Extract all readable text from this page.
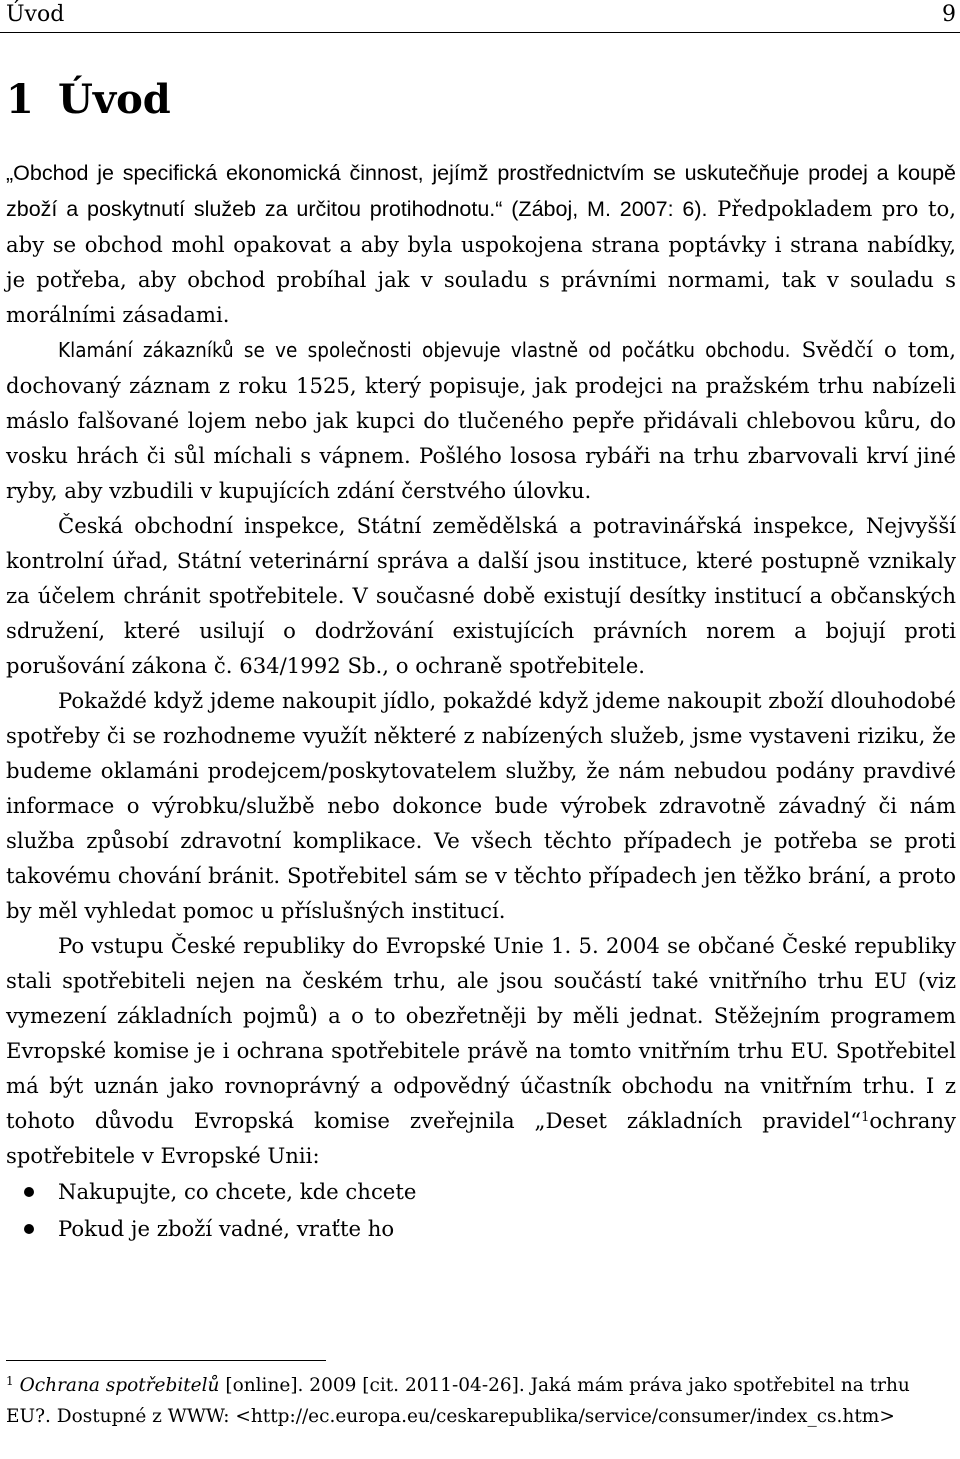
Úvod	9
1 Úvod

„Obchod je specifická ekonomická činnost, jejímž prostřednictvím se uskutečňuje prodej a koupě zboží a poskytnutí služeb za určitou protihodnotu.“ (Záboj, M. 2007: 6). Předpokladem pro to, aby se obchod mohl opakovat a aby byla uspokojena strana poptávky i strana nabídky, je potřeba, aby obchod probíhal jak v souladu s právními normami, tak v souladu s morálními zásadami.

Klamání zákazníků se ve společnosti objevuje vlastně od počátku obchodu. Svědčí o tom, dochovaný záznam z roku 1525, který popisuje, jak prodejci na pražském trhu nabízeli máslo falšované lojem nebo jak kupci do tlučeného pepře přidávali chlebovou kůru, do vosku hrách či sůl míchali s vápnem. Pošlého lososa rybáři na trhu zbarvovali krví jiné ryby, aby vzbudili v kupujících zdání čerstvého úlovku.

Česká obchodní inspekce, Státní zemědělská a potravinářská inspekce, Nejvyšší kontrolní úřad, Státní veterinární správa a další jsou instituce, které postupně vznikaly za účelem chránit spotřebitele. V současné době existují desítky institucí a občanských sdružení, které usilují o dodržování existujících právních norem a bojují proti porušování zákona č. 634/1992 Sb., o ochraně spotřebitele.

Pokaždé když jdeme nakoupit jídlo, pokaždé když jdeme nakoupit zboží dlouhodobé spotřeby či se rozhodneme využít některé z nabízených služeb, jsme vystaveni riziku, že budeme oklamáni prodejcem/poskytovatelem služby, že nám nebudou podány pravdivé informace o výrobku/službě nebo dokonce bude výrobek zdravotně závadný či nám služba způsobí zdravotní komplikace. Ve všech těchto případech je potřeba se proti takovému chování bránit. Spotřebitel sám se v těchto případech jen těžko brání, a proto by měl vyhledat pomoc u příslušných institucí.

Po vstupu České republiky do Evropské Unie 1. 5. 2004 se občané České republiky stali spotřebiteli nejen na českém trhu, ale jsou součástí také vnitřního trhu EU (viz vymezení základních pojmů) a o to obezřetněji by měli jednat. Stěžejním programem Evropské komise je i ochrana spotřebitele právě na tomto vnitřním trhu EU. Spotřebitel má být uznán jako rovnoprávný a odpovědný účastník obchodu na vnitřním trhu. I z tohoto důvodu Evropská komise zveřejnila „Deset základních pravidel“$^1$ochrany spotřebitele v Evropské Unii:

Nakupujte, co chcete, kde chcete
Pokud je zboží vadné, vraťte ho
$^1$ Ochrana spotřebitelů [online]. 2009 [cit. 2011-04-26]. Jaká mám práva jako spotřebitel na trhu EU?. Dostupné z WWW: <http://ec.europa.eu/ceskarepublika/service/consumer/index_cs.htm>
